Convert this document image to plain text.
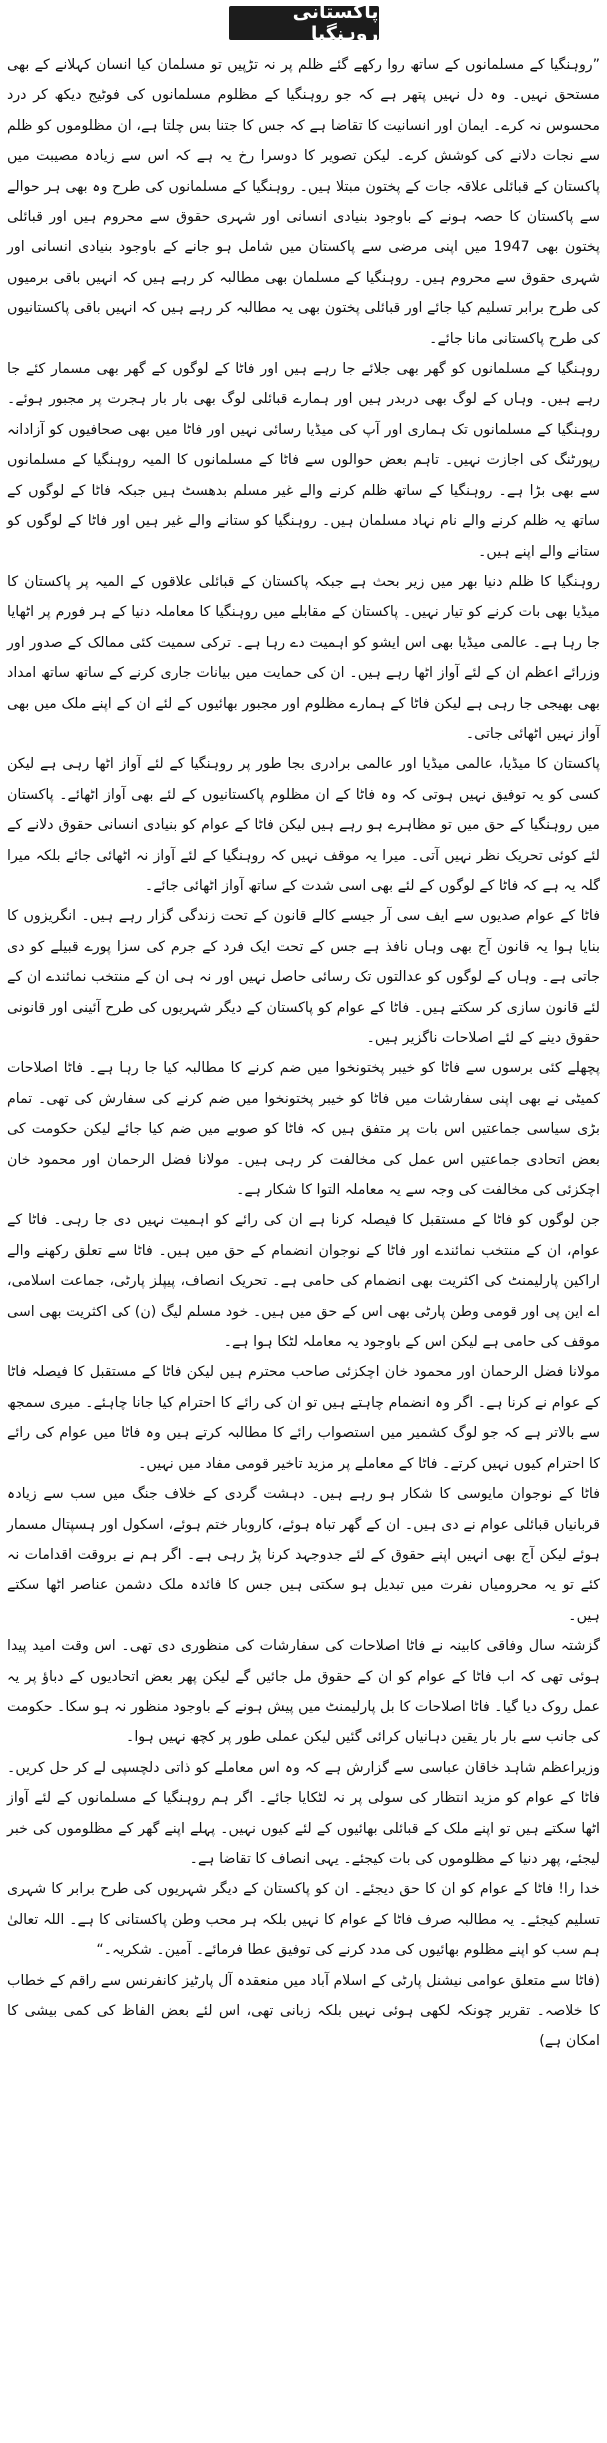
پاکستانی روہنگیا

”روہنگیا کے مسلمانوں کے ساتھ روا رکھے گئے ظلم پر نہ تڑپیں تو مسلمان کیا انسان کہلانے کے بھی مستحق نہیں۔ وہ دل نہیں پتھر ہے کہ جو روہنگیا کے مظلوم مسلمانوں کی فوٹیج دیکھ کر درد محسوس نہ کرے۔ ایمان اور انسانیت کا تقاضا ہے کہ جس کا جتنا بس چلتا ہے، ان مظلوموں کو ظلم سے نجات دلانے کی کوشش کرے۔ لیکن تصویر کا دوسرا رخ یہ ہے کہ اس سے زیادہ مصیبت میں پاکستان کے قبائلی علاقہ جات کے پختون مبتلا ہیں۔ روہنگیا کے مسلمانوں کی طرح وہ بھی ہر حوالے سے پاکستان کا حصہ ہونے کے باوجود بنیادی انسانی اور شہری حقوق سے محروم ہیں اور قبائلی پختون بھی 1947 میں اپنی مرضی سے پاکستان میں شامل ہو جانے کے باوجود بنیادی انسانی اور شہری حقوق سے محروم ہیں۔ روہنگیا کے مسلمان بھی مطالبہ کر رہے ہیں کہ انہیں باقی برمیوں کی طرح برابر تسلیم کیا جائے اور قبائلی پختون بھی یہ مطالبہ کر رہے ہیں کہ انہیں باقی پاکستانیوں کی طرح پاکستانی مانا جائے۔

روہنگیا کے مسلمانوں کو گھر بھی جلائے جا رہے ہیں اور فاٹا کے لوگوں کے گھر بھی مسمار کئے جا رہے ہیں۔ وہاں کے لوگ بھی دربدر ہیں اور ہمارے قبائلی لوگ بھی بار بار ہجرت پر مجبور ہوئے۔ روہنگیا کے مسلمانوں تک ہماری اور آپ کی میڈیا رسائی نہیں اور فاٹا میں بھی صحافیوں کو آزادانہ رپورٹنگ کی اجازت نہیں۔ تاہم بعض حوالوں سے فاٹا کے مسلمانوں کا المیہ روہنگیا کے مسلمانوں سے بھی بڑا ہے۔ روہنگیا کے ساتھ ظلم کرنے والے غیر مسلم بدھسٹ ہیں جبکہ فاٹا کے لوگوں کے ساتھ یہ ظلم کرنے والے نام نہاد مسلمان ہیں۔ روہنگیا کو ستانے والے غیر ہیں اور فاٹا کے لوگوں کو ستانے والے اپنے ہیں۔

روہنگیا کا ظلم دنیا بھر میں زیر بحث ہے جبکہ پاکستان کے قبائلی علاقوں کے المیہ پر پاکستان کا میڈیا بھی بات کرنے کو تیار نہیں۔ پاکستان کے مقابلے میں روہنگیا کا معاملہ دنیا کے ہر فورم پر اٹھایا جا رہا ہے۔ عالمی میڈیا بھی اس ایشو کو اہمیت دے رہا ہے۔ ترکی سمیت کئی ممالک کے صدور اور وزرائے اعظم ان کے لئے آواز اٹھا رہے ہیں۔ ان کی حمایت میں بیانات جاری کرنے کے ساتھ ساتھ امداد بھی بھیجی جا رہی ہے لیکن فاٹا کے ہمارے مظلوم اور مجبور بھائیوں کے لئے ان کے اپنے ملک میں بھی آواز نہیں اٹھائی جاتی۔

پاکستان کا میڈیا، عالمی میڈیا اور عالمی برادری بجا طور پر روہنگیا کے لئے آواز اٹھا رہی ہے لیکن کسی کو یہ توفیق نہیں ہوتی کہ وہ فاٹا کے ان مظلوم پاکستانیوں کے لئے بھی آواز اٹھائے۔ پاکستان میں روہنگیا کے حق میں تو مظاہرے ہو رہے ہیں لیکن فاٹا کے عوام کو بنیادی انسانی حقوق دلانے کے لئے کوئی تحریک نظر نہیں آتی۔ میرا یہ موقف نہیں کہ روہنگیا کے لئے آواز نہ اٹھائی جائے بلکہ میرا گلہ یہ ہے کہ فاٹا کے لوگوں کے لئے بھی اسی شدت کے ساتھ آواز اٹھائی جائے۔

فاٹا کے عوام صدیوں سے ایف سی آر جیسے کالے قانون کے تحت زندگی گزار رہے ہیں۔ انگریزوں کا بنایا ہوا یہ قانون آج بھی وہاں نافذ ہے جس کے تحت ایک فرد کے جرم کی سزا پورے قبیلے کو دی جاتی ہے۔ وہاں کے لوگوں کو عدالتوں تک رسائی حاصل نہیں اور نہ ہی ان کے منتخب نمائندے ان کے لئے قانون سازی کر سکتے ہیں۔ فاٹا کے عوام کو پاکستان کے دیگر شہریوں کی طرح آئینی اور قانونی حقوق دینے کے لئے اصلاحات ناگزیر ہیں۔

پچھلے کئی برسوں سے فاٹا کو خیبر پختونخوا میں ضم کرنے کا مطالبہ کیا جا رہا ہے۔ فاٹا اصلاحات کمیٹی نے بھی اپنی سفارشات میں فاٹا کو خیبر پختونخوا میں ضم کرنے کی سفارش کی تھی۔ تمام بڑی سیاسی جماعتیں اس بات پر متفق ہیں کہ فاٹا کو صوبے میں ضم کیا جائے لیکن حکومت کی بعض اتحادی جماعتیں اس عمل کی مخالفت کر رہی ہیں۔ مولانا فضل الرحمان اور محمود خان اچکزئی کی مخالفت کی وجہ سے یہ معاملہ التوا کا شکار ہے۔

جن لوگوں کو فاٹا کے مستقبل کا فیصلہ کرنا ہے ان کی رائے کو اہمیت نہیں دی جا رہی۔ فاٹا کے عوام، ان کے منتخب نمائندے اور فاٹا کے نوجوان انضمام کے حق میں ہیں۔ فاٹا سے تعلق رکھنے والے اراکین پارلیمنٹ کی اکثریت بھی انضمام کی حامی ہے۔ تحریک انصاف، پیپلز پارٹی، جماعت اسلامی، اے این پی اور قومی وطن پارٹی بھی اس کے حق میں ہیں۔ خود مسلم لیگ (ن) کی اکثریت بھی اسی موقف کی حامی ہے لیکن اس کے باوجود یہ معاملہ لٹکا ہوا ہے۔

مولانا فضل الرحمان اور محمود خان اچکزئی صاحب محترم ہیں لیکن فاٹا کے مستقبل کا فیصلہ فاٹا کے عوام نے کرنا ہے۔ اگر وہ انضمام چاہتے ہیں تو ان کی رائے کا احترام کیا جانا چاہئے۔ میری سمجھ سے بالاتر ہے کہ جو لوگ کشمیر میں استصواب رائے کا مطالبہ کرتے ہیں وہ فاٹا میں عوام کی رائے کا احترام کیوں نہیں کرتے۔ فاٹا کے معاملے پر مزید تاخیر قومی مفاد میں نہیں۔

فاٹا کے نوجوان مایوسی کا شکار ہو رہے ہیں۔ دہشت گردی کے خلاف جنگ میں سب سے زیادہ قربانیاں قبائلی عوام نے دی ہیں۔ ان کے گھر تباہ ہوئے، کاروبار ختم ہوئے، اسکول اور ہسپتال مسمار ہوئے لیکن آج بھی انہیں اپنے حقوق کے لئے جدوجہد کرنا پڑ رہی ہے۔ اگر ہم نے بروقت اقدامات نہ کئے تو یہ محرومیاں نفرت میں تبدیل ہو سکتی ہیں جس کا فائدہ ملک دشمن عناصر اٹھا سکتے ہیں۔

گزشتہ سال وفاقی کابینہ نے فاٹا اصلاحات کی سفارشات کی منظوری دی تھی۔ اس وقت امید پیدا ہوئی تھی کہ اب فاٹا کے عوام کو ان کے حقوق مل جائیں گے لیکن پھر بعض اتحادیوں کے دباؤ پر یہ عمل روک دیا گیا۔ فاٹا اصلاحات کا بل پارلیمنٹ میں پیش ہونے کے باوجود منظور نہ ہو سکا۔ حکومت کی جانب سے بار بار یقین دہانیاں کرائی گئیں لیکن عملی طور پر کچھ نہیں ہوا۔

وزیراعظم شاہد خاقان عباسی سے گزارش ہے کہ وہ اس معاملے کو ذاتی دلچسپی لے کر حل کریں۔ فاٹا کے عوام کو مزید انتظار کی سولی پر نہ لٹکایا جائے۔ اگر ہم روہنگیا کے مسلمانوں کے لئے آواز اٹھا سکتے ہیں تو اپنے ملک کے قبائلی بھائیوں کے لئے کیوں نہیں۔ پہلے اپنے گھر کے مظلوموں کی خبر لیجئے، پھر دنیا کے مظلوموں کی بات کیجئے۔ یہی انصاف کا تقاضا ہے۔

خدا را! فاٹا کے عوام کو ان کا حق دیجئے۔ ان کو پاکستان کے دیگر شہریوں کی طرح برابر کا شہری تسلیم کیجئے۔ یہ مطالبہ صرف فاٹا کے عوام کا نہیں بلکہ ہر محب وطن پاکستانی کا ہے۔ اللہ تعالیٰ ہم سب کو اپنے مظلوم بھائیوں کی مدد کرنے کی توفیق عطا فرمائے۔ آمین۔ شکریہ۔“

(فاٹا سے متعلق عوامی نیشنل پارٹی کے اسلام آباد میں منعقدہ آل پارٹیز کانفرنس سے راقم کے خطاب کا خلاصہ۔ تقریر چونکہ لکھی ہوئی نہیں بلکہ زبانی تھی، اس لئے بعض الفاظ کی کمی بیشی کا امکان ہے)
